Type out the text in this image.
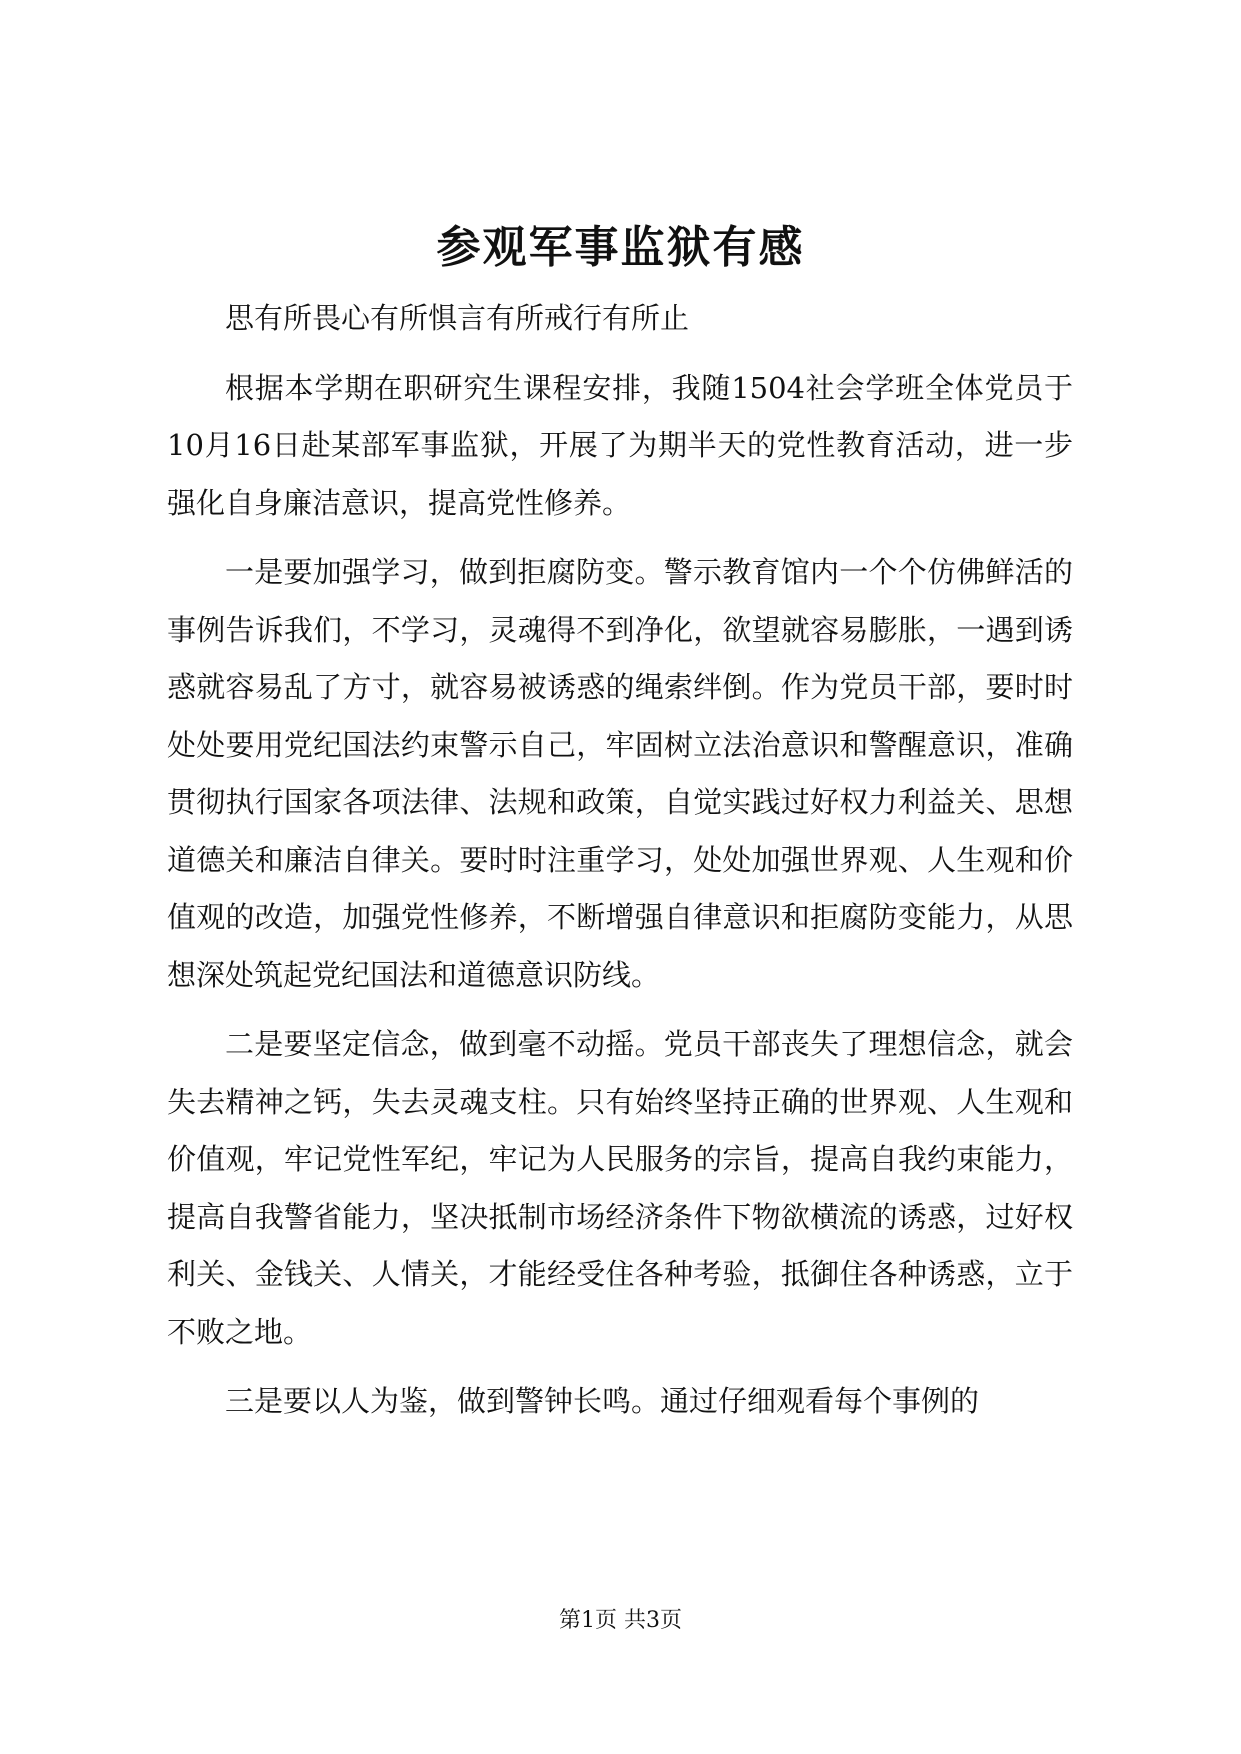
参观军事监狱有感

思有所畏心有所惧言有所戒行有所止

根据本学期在职研究生课程安排，我随1504社会学班全体党员于10月16日赴某部军事监狱，开展了为期半天的党性教育活动，进一步强化自身廉洁意识，提高党性修养。

一是要加强学习，做到拒腐防变。警示教育馆内一个个仿佛鲜活的事例告诉我们，不学习，灵魂得不到净化，欲望就容易膨胀，一遇到诱惑就容易乱了方寸，就容易被诱惑的绳索绊倒。作为党员干部，要时时处处要用党纪国法约束警示自己，牢固树立法治意识和警醒意识，准确贯彻执行国家各项法律、法规和政策，自觉实践过好权力利益关、思想道德关和廉洁自律关。要时时注重学习，处处加强世界观、人生观和价值观的改造，加强党性修养，不断增强自律意识和拒腐防变能力，从思想深处筑起党纪国法和道德意识防线。

二是要坚定信念，做到毫不动摇。党员干部丧失了理想信念，就会失去精神之钙，失去灵魂支柱。只有始终坚持正确的世界观、人生观和价值观，牢记党性军纪，牢记为人民服务的宗旨，提高自我约束能力，提高自我警省能力，坚决抵制市场经济条件下物欲横流的诱惑，过好权利关、金钱关、人情关，才能经受住各种考验，抵御住各种诱惑，立于不败之地。

三是要以人为鉴，做到警钟长鸣。通过仔细观看每个事例的

第1页 共3页
